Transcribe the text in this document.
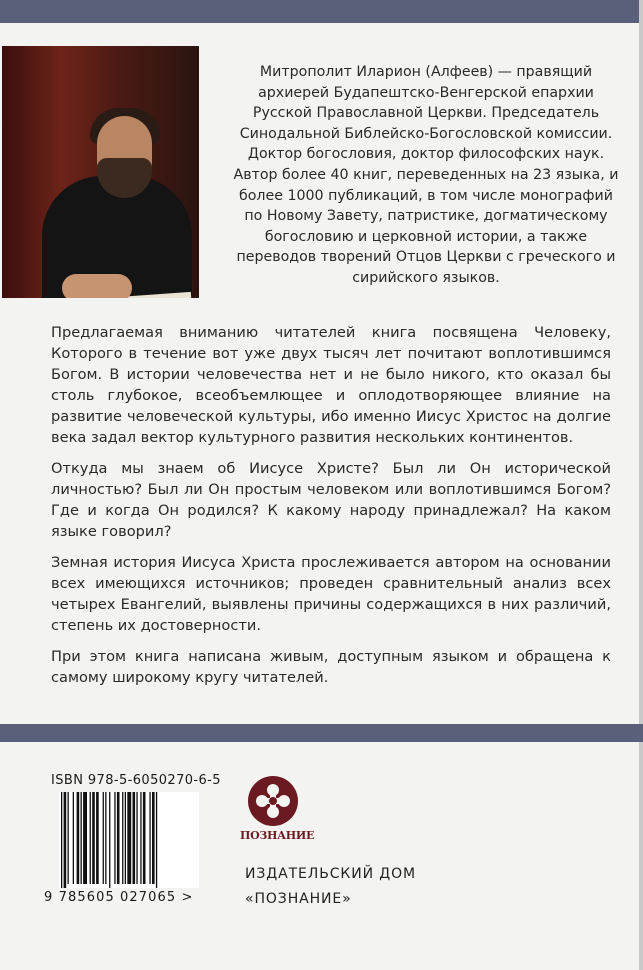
Митрополит Иларион (Алфеев) — правящий архиерей Будапештско-Венгерской епархии Русской Православной Церкви. Председатель Синодальной Библейско-Богословской комиссии. Доктор богословия, доктор философских наук. Автор более 40 книг, переведенных на 23 языка, и более 1000 публикаций, в том числе монографий по Новому Завету, патристике, догматическому богословию и церковной истории, а также переводов творений Отцов Церкви с греческого и сирийского языков.

Предлагаемая вниманию читателей книга посвящена Человеку, Которого в течение вот уже двух тысяч лет почитают воплотившимся Богом. В истории человечества нет и не было никого, кто оказал бы столь глубокое, всеобъемлющее и оплодотворяющее влияние на развитие человеческой культуры, ибо именно Иисус Христос на долгие века задал вектор культурного развития нескольких континентов.

Откуда мы знаем об Иисусе Христе? Был ли Он исторической личностью? Был ли Он простым человеком или воплотившимся Богом? Где и когда Он родился? К какому народу принадлежал? На каком языке говорил?

Земная история Иисуса Христа прослеживается автором на основании всех имеющихся источников; проведен сравнительный анализ всех четырех Евангелий, выявлены причины содержащихся в них различий, степень их достоверности.

При этом книга написана живым, доступным языком и обращена к самому широкому кругу читателей.

ISBN 978-5-6050270-6-5
9 785605 027065 >
ПОЗНАНИЕ
ИЗДАТЕЛЬСКИЙ ДОМ
«ПОЗНАНИЕ»
